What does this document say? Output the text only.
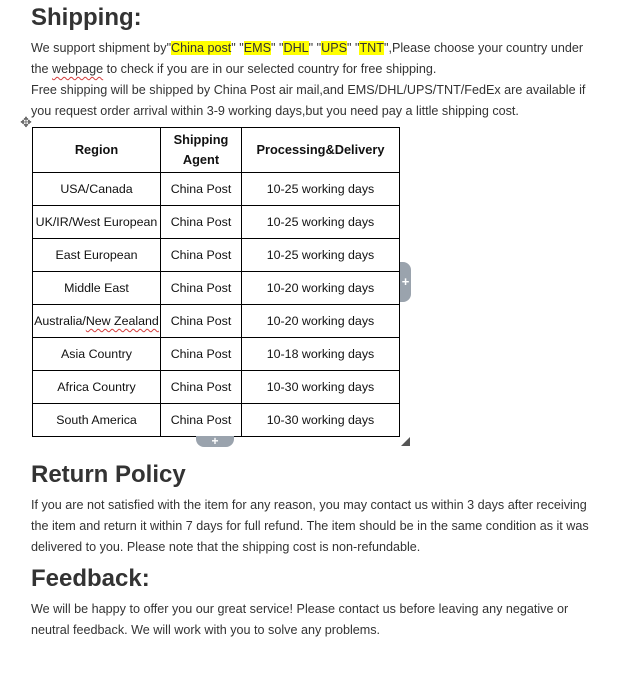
Shipping:

We support shipment by"China post" "EMS" "DHL" "UPS" "TNT",Please choose your country under the webpage to check if you are in our selected country for free shipping.
Free shipping will be shipped by China Post air mail,and EMS/DHL/UPS/TNT/FedEx are available if you request order arrival within 3-9 working days,but you need pay a little shipping cost.

✥
Region	Shipping Agent	Processing&Delivery
USA/Canada	China Post	10-25 working days
UK/IR/West European	China Post	10-25 working days
East European	China Post	10-25 working days
Middle East	China Post	10-20 working days
Australia/New Zealand	China Post	10-20 working days
Asia Country	China Post	10-18 working days
Africa Country	China Post	10-30 working days
South America	China Post	10-30 working days
+
+
Return Policy

If you are not satisfied with the item for any reason, you may contact us within 3 days after receiving the item and return it within 7 days for full refund. The item should be in the same condition as it was delivered to you. Please note that the shipping cost is non-refundable.

Feedback:

We will be happy to offer you our great service! Please contact us before leaving any negative or neutral feedback. We will work with you to solve any problems.
